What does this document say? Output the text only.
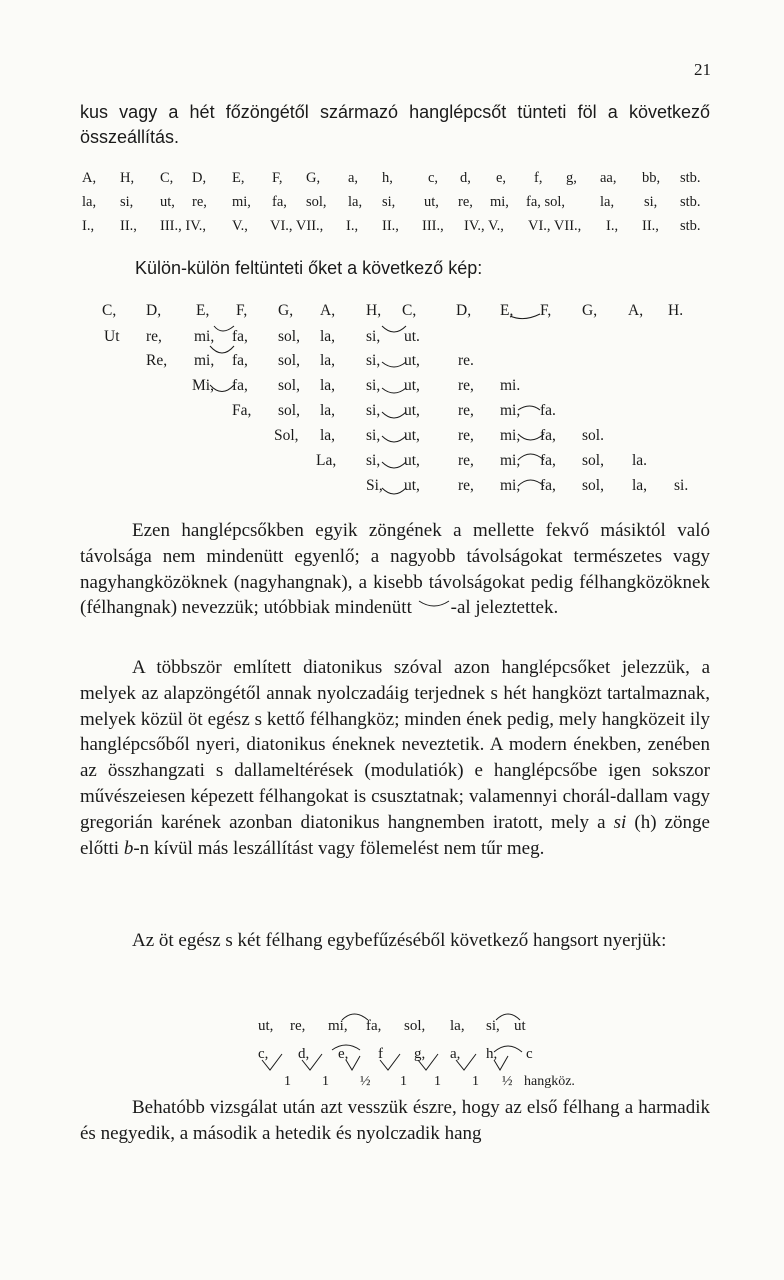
21
kus vagy a hét főzöngétől származó hanglépcsőt tünteti föl a következő összeállítás.
A, H, C, D, E, F, G, a, h, c, d, e, f, g, aa, bb, stb.
la, si, ut, re, mi, fa, sol, la, si, ut, re, mi, fa, sol, la, si, stb.
I., II., III., IV., V., VI., VII., I., II., III., IV., V., VI., VII., I., II., stb.
Külön-külön feltünteti őket a következő kép:
C, D, E, F, G, A, H, C,	D, E, F, G, A, H.
Ut re, mi, fa, sol, la, si, ut.
Re, mi, fa, sol, la, si, ut, re.
Mi, fa, sol, la, si, ut, re, mi.
Fa, sol, la, si, ut, re, mi, fa.
Sol, la, si, ut, re, mi, fa, sol.
La, si, ut, re, mi, fa, sol, la.
Si, ut, re, mi, fa, sol, la, si.
Ezen hanglépcsőkben egyik zöngének a mellette fekvő másiktól való távolsága nem mindenütt egyenlő; a nagyobb távolságokat természetes vagy nagyhangközöknek (nagyhangnak), a kisebb távolságokat pedig félhangközöknek (félhangnak) nevezzük; utóbbiak mindenütt -al jeleztettek.
A többször említett diatonikus szóval azon hanglépcsőket jelezzük, a melyek az alapzöngétől annak nyolczadáig terjednek s hét hangközt tartalmaznak, melyek közül öt egész s kettő félhangköz; minden ének pedig, mely hangközeit ily hanglépcsőből nyeri, diatonikus éneknek neveztetik. A modern énekben, zenében az összhangzati s dallameltérések (modulatiók) e hanglépcsőbe igen sokszor művészeiesen képezett félhangokat is csusztatnak; valamennyi chorál-dallam vagy gregorián karének azonban diatonikus hangnemben iratott, mely a si (h) zönge előtti b-n kívül más leszállítást vagy fölemelést nem tűr meg.
Az öt egész s két félhang egybefűzéséből következő hangsort nyerjük:
ut, re, mi, fa, sol, la, si, ut
c, d, e, f g, a, h, c
1 1 ½ 1 1 1 ½ hangköz.
Behatóbb vizsgálat után azt vesszük észre, hogy az első félhang a harmadik és negyedik, a második a hetedik és nyolczadik hang
